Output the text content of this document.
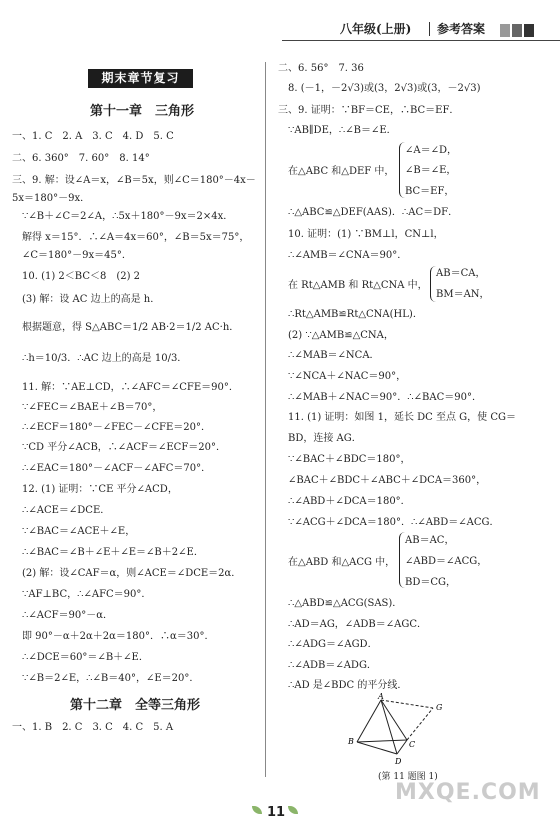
八年级(上册) 参考答案
期末章节复习
第十一章　三角形
一、1. C　2. A　3. C　4. D　5. C
二、6. 360°　7. 60°　8. 14°
三、9. 解：设∠A＝x，∠B＝5x，则∠C＝180°－4x－
5x＝180°－9x．
∵∠B＋∠C＝2∠A，∴5x＋180°－9x＝2×4x．
解得 x＝15°．∴∠A＝4x＝60°，∠B＝5x＝75°，
∠C＝180°－9x＝45°．
10. (1) 2＜BC＜8　(2) 2
(3) 解：设 AC 边上的高是 h．
根据题意，得 S△ABC＝1/2 AB·2＝1/2 AC·h．
∴h＝10/3．∴AC 边上的高是 10/3．
11. 解：∵AE⊥CD，∴∠AFC＝∠CFE＝90°．
∵∠FEC＝∠BAE＋∠B＝70°，
∴∠ECF＝180°－∠FEC－∠CFE＝20°．
∵CD 平分∠ACB，∴∠ACF＝∠ECF＝20°．
∴∠EAC＝180°－∠ACF－∠AFC＝70°．
12. (1) 证明：∵CE 平分∠ACD，
∴∠ACE＝∠DCE．
∵∠BAC＝∠ACE＋∠E，
∴∠BAC＝∠B＋∠E＋∠E＝∠B＋2∠E．
(2) 解：设∠CAF＝α，则∠ACE＝∠DCE＝2α．
∵AF⊥BC，∴∠AFC＝90°．
∴∠ACF＝90°－α．
即 90°－α＋2α＋2α＝180°．∴α＝30°．
∴∠DCE＝60°＝∠B＋∠E．
∵∠B＝2∠E，∴∠B＝40°，∠E＝20°．
第十二章　全等三角形
一、1. B　2. C　3. C　4. C　5. A
二、6. 56°　7. 36
8. (－1，－2√3)或(3，2√3)或(3，－2√3)
三、9. 证明：∵BF＝CE，∴BC＝EF．
∵AB∥DE，∴∠B＝∠E．
在△ABC 和△DEF 中，
∠A＝∠D，
∠B＝∠E，
BC＝EF，
∴△ABC≌△DEF(AAS)．∴AC＝DF．
10. 证明：(1) ∵BM⊥l，CN⊥l，
∴∠AMB＝∠CNA＝90°．
在 Rt△AMB 和 Rt△CNA 中，
AB＝CA，
BM＝AN，
∴Rt△AMB≌Rt△CNA(HL)．
(2) ∵△AMB≌△CNA，
∴∠MAB＝∠NCA．
∵∠NCA＋∠NAC＝90°，
∴∠MAB＋∠NAC＝90°．∴∠BAC＝90°．
11. (1) 证明：如图 1，延长 DC 至点 G，使 CG＝
BD，连接 AG．
∵∠BAC＋∠BDC＝180°，
∠BAC＋∠BDC＋∠ABC＋∠DCA＝360°，
∴∠ABD＋∠DCA＝180°．
∵∠ACG＋∠DCA＝180°．∴∠ABD＝∠ACG．
在△ABD 和△ACG 中，
AB＝AC，
∠ABD＝∠ACG，
BD＝CG，
∴△ABD≌△ACG(SAS)．
∴AD＝AG，∠ADB＝∠AGC．
∴∠ADG＝∠AGD．
∴∠ADB＝∠ADG．
∴AD 是∠BDC 的平分线．
A
B	C
D
G
(第 11 题图 1)
11
MXQE.COM
